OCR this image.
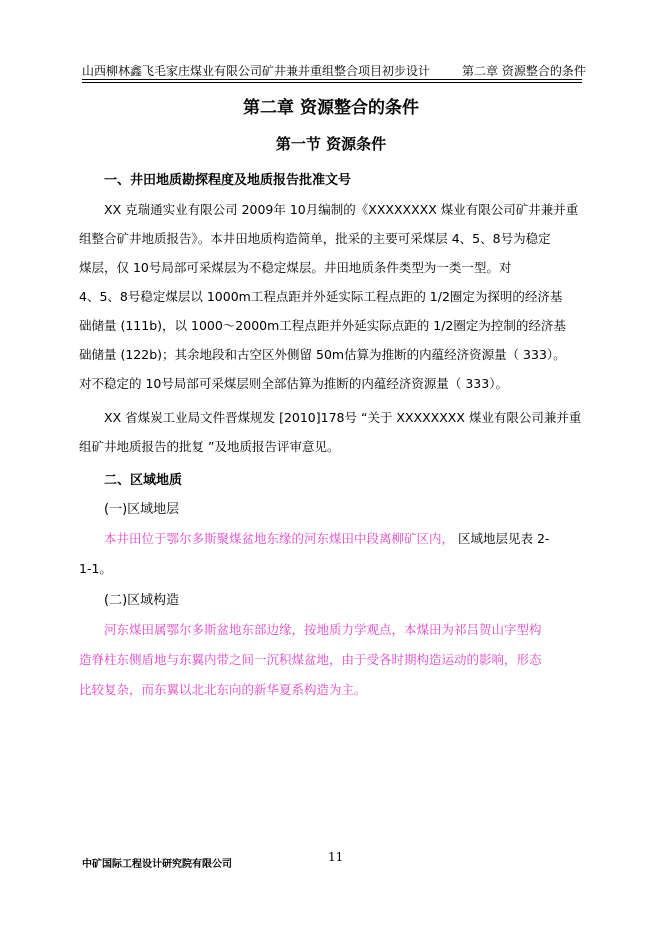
山西柳林鑫飞毛家庄煤业有限公司矿井兼并重组整合项目初步设计	第二章 资源整合的条件
第二章 资源整合的条件
第一节 资源条件
一、井田地质勘探程度及地质报告批准文号
XX 克瑞通实业有限公司 2009年 10月编制的《XXXXXXXX 煤业有限公司矿井兼并重
组整合矿井地质报告》。本井田地质构造简单，批采的主要可采煤层 4、5、8号为稳定
煤层，仅 10号局部可采煤层为不稳定煤层。井田地质条件类型为一类一型。对
4、5、8号稳定煤层以 1000m工程点距并外延实际工程点距的 1/2圈定为探明的经济基
础储量 (111b)，以 1000～2000m工程点距并外延实际点距的 1/2圈定为控制的经济基
础储量 (122b)；其余地段和古空区外侧留 50m估算为推断的内蕴经济资源量（ 333）。
对不稳定的 10号局部可采煤层则全部估算为推断的内蕴经济资源量（ 333）。
XX 省煤炭工业局文件晋煤规发 [2010]178号 “关于 XXXXXXXX 煤业有限公司兼并重
组矿井地质报告的批复 ”及地质报告评审意见。
二、区域地质
(一)区域地层
本井田位于鄂尔多斯聚煤盆地东缘的河东煤田中段离柳矿区内， 区域地层见表 2-
1-1。
(二)区域构造
河东煤田属鄂尔多斯盆地东部边缘，按地质力学观点，本煤田为祁吕贺山字型构
造脊柱东侧盾地与东翼内带之间一沉积煤盆地，由于受各时期构造运动的影响，形态
比较复杂，而东翼以北北东向的新华夏系构造为主。
中矿国际工程设计研究院有限公司
11
